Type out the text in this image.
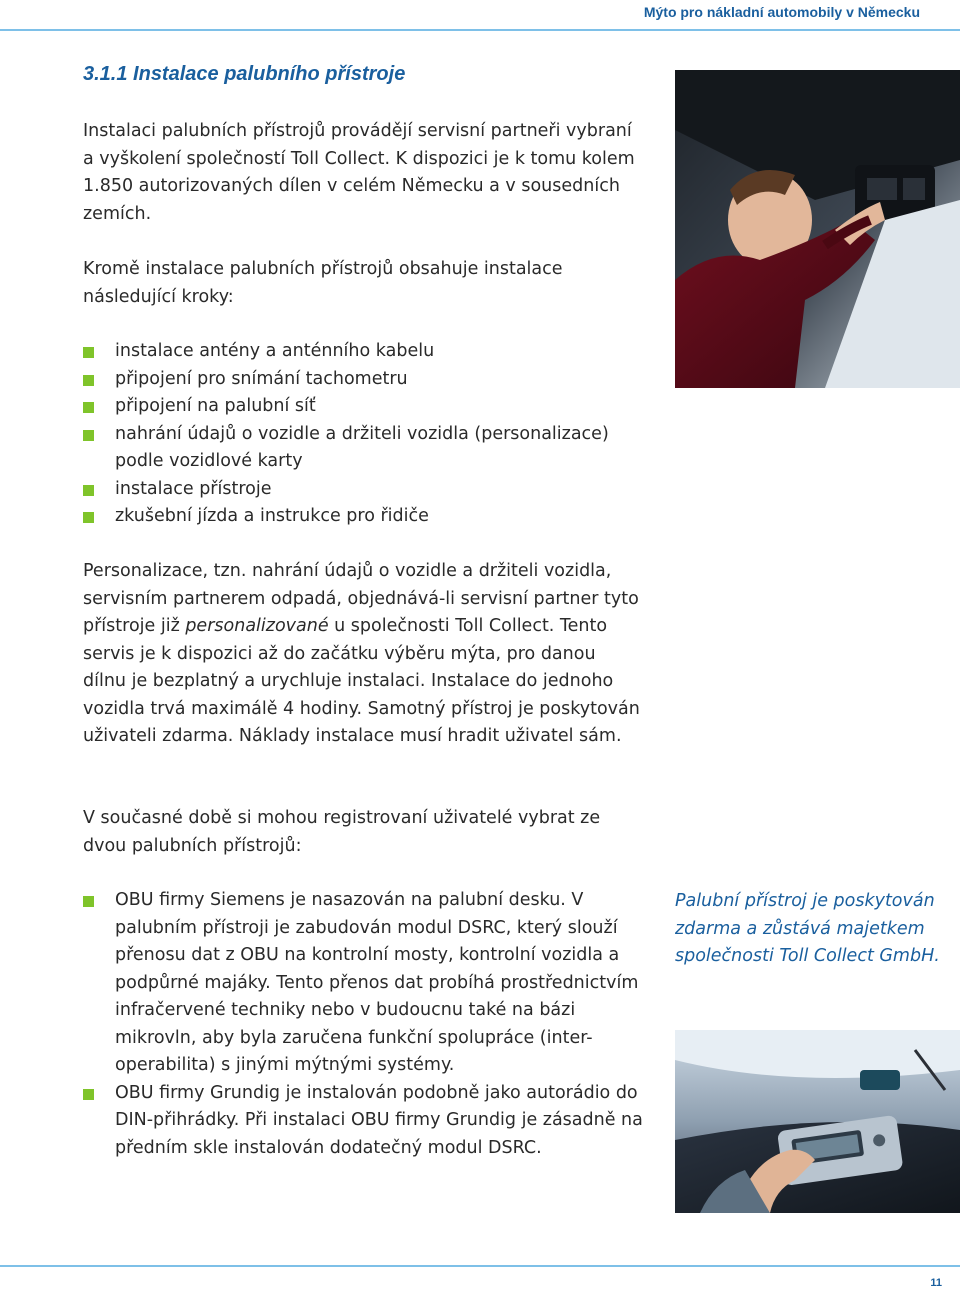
Mýto pro nákladní automobily v Německu
3.1.1 Instalace palubního přístroje

Instalaci palubních přístrojů provádějí servisní partneři vybraní a vyškolení společností Toll Collect. K dispozici je k tomu kolem 1.850 autorizovaných dílen v celém Německu a v sousedních zemích.

Kromě instalace palubních přístrojů obsahuje instalace následující kroky:

instalace antény a anténního kabelu
připojení pro snímání tachometru
připojení na palubní síť
nahrání údajů o vozidle a držiteli vozidla (personalizace) podle vozidlové karty
instalace přístroje
zkušební jízda a instrukce pro řidiče

Personalizace, tzn. nahrání údajů o vozidle a držiteli vozidla, servisním partnerem odpadá, objednává-li servisní partner tyto přístroje již personalizované u společnosti Toll Collect. Tento servis je k dispozici až do začátku výběru mýta, pro danou dílnu je bezplatný a urychluje instalaci. Instalace do jednoho vozidla trvá maximálě 4 hodiny. Samotný přístroj je poskytován uživateli zdarma. Náklady instalace musí hradit uživatel sám.

V současné době si mohou registrovaní uživatelé vybrat ze dvou palubních přístrojů:

OBU firmy Siemens je nasazován na palubní desku. V palubním přístroji je zabudován modul DSRC, který slouží přenosu dat z OBU na kontrolní mosty, kontrolní vozidla a podpůrné majáky. Tento přenos dat probíhá prostřednictvím infračervené techniky nebo v budoucnu také na bázi mikrovln, aby byla zaručena funkční spolupráce (inter-operabilita) s jinými mýtnými systémy.
OBU firmy Grundig je instalován podobně jako autorádio do DIN-přihrádky. Při instalaci OBU firmy Grundig je zásadně na předním skle instalován dodatečný modul DSRC.

Palubní přístroj je poskytován zdarma a zůstává majetkem společnosti Toll Collect GmbH.

11
